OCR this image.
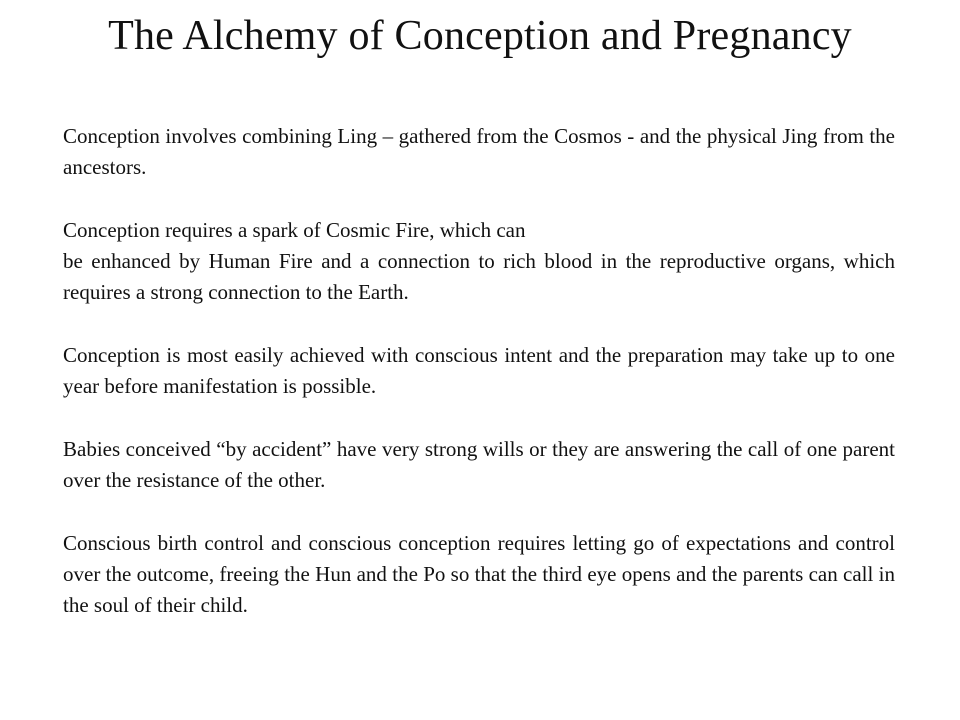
The Alchemy of Conception and Pregnancy

Conception involves combining Ling – gathered from the Cosmos - and the physical Jing from the ancestors.

Conception requires a spark of Cosmic Fire, which can
be enhanced by Human Fire and a connection to rich blood in the reproductive organs, which requires a strong connection to the Earth.

Conception is most easily achieved with conscious intent and the preparation may take up to one year before manifestation is possible.

Babies conceived “by accident” have very strong wills or they are answering the call of one parent over the resistance of the other.

Conscious birth control and conscious conception requires letting go of expectations and control over the outcome, freeing the Hun and the Po so that the third eye opens and the parents can call in the soul of their child.
